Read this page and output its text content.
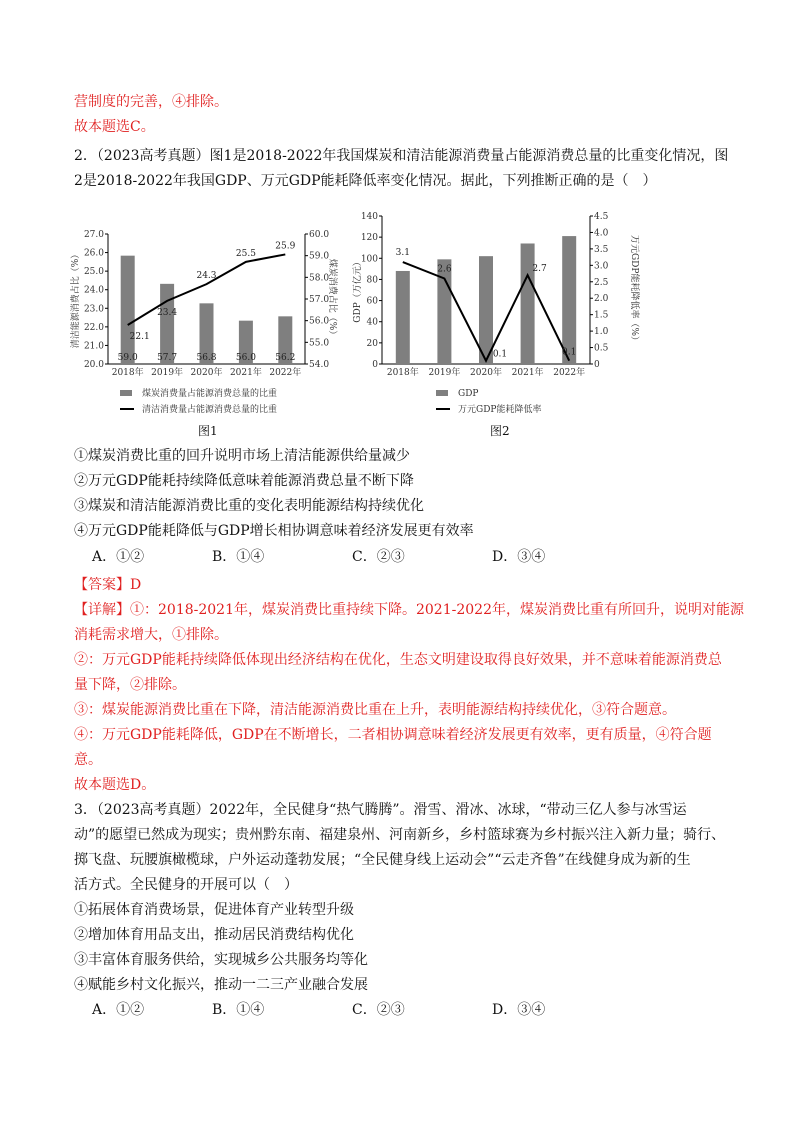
营制度的完善，④排除。
故本题选C。
2．（2023高考真题）图1是2018-2022年我国煤炭和清洁能源消费量占能源消费总量的比重变化情况，图
2是2018-2022年我国GDP、万元GDP能耗降低率变化情况。据此，下列推断正确的是（　）
20.0
21.0
22.0
23.0
24.0
25.0
26.0
27.0
54.0
55.0
56.0
57.0
58.0
59.0
60.0
2018年 2019年 2020年 2021年 2022年
清洁能源消费占比（%）	煤炭消费占比（%）
59.0 57.7 56.8 56.0 56.2
22.1
23.4
24.3
25.5
25.9
煤炭消费量占能源消费总量的比重
清洁消费量占能源消费总量的比重
图1
0
20
40
60
80
100
120
140
0
0.5
1.0
1.5
2.0
2.5
3.0
3.5
4.0
4.5
2018年 2019年 2020年 2021年 2022年
GDP（万亿元）	万元GDP能耗降低率（%）
3.1
2.6
0.1
2.7
0.1
GDP
万元GDP能耗降低率
图2
①煤炭消费比重的回升说明市场上清洁能源供给量减少
②万元GDP能耗持续降低意味着能源消费总量不断下降
③煤炭和清洁能源消费比重的变化表明能源结构持续优化
④万元GDP能耗降低与GDP增长相协调意味着经济发展更有效率
A．①②	B．①④	C．②③	D．③④
【答案】D
【详解】①：2018-2021年，煤炭消费比重持续下降。2021-2022年，煤炭消费比重有所回升，说明对能源
消耗需求增大，①排除。
②：万元GDP能耗持续降低体现出经济结构在优化，生态文明建设取得良好效果，并不意味着能源消费总
量下降，②排除。
③：煤炭能源消费比重在下降，清洁能源消费比重在上升，表明能源结构持续优化，③符合题意。
④：万元GDP能耗降低，GDP在不断增长，二者相协调意味着经济发展更有效率，更有质量，④符合题
意。
故本题选D。
3．（2023高考真题）2022年，全民健身“热气腾腾”。滑雪、滑冰、冰球，“带动三亿人参与冰雪运
动”的愿望已然成为现实；贵州黔东南、福建泉州、河南新乡，乡村篮球赛为乡村振兴注入新力量；骑行、
掷飞盘、玩腰旗橄榄球，户外运动蓬勃发展；“全民健身线上运动会”“云走齐鲁”在线健身成为新的生
活方式。全民健身的开展可以（　）
①拓展体育消费场景，促进体育产业转型升级
②增加体育用品支出，推动居民消费结构优化
③丰富体育服务供给，实现城乡公共服务均等化
④赋能乡村文化振兴，推动一二三产业融合发展
A．①②	B．①④	C．②③	D．③④
